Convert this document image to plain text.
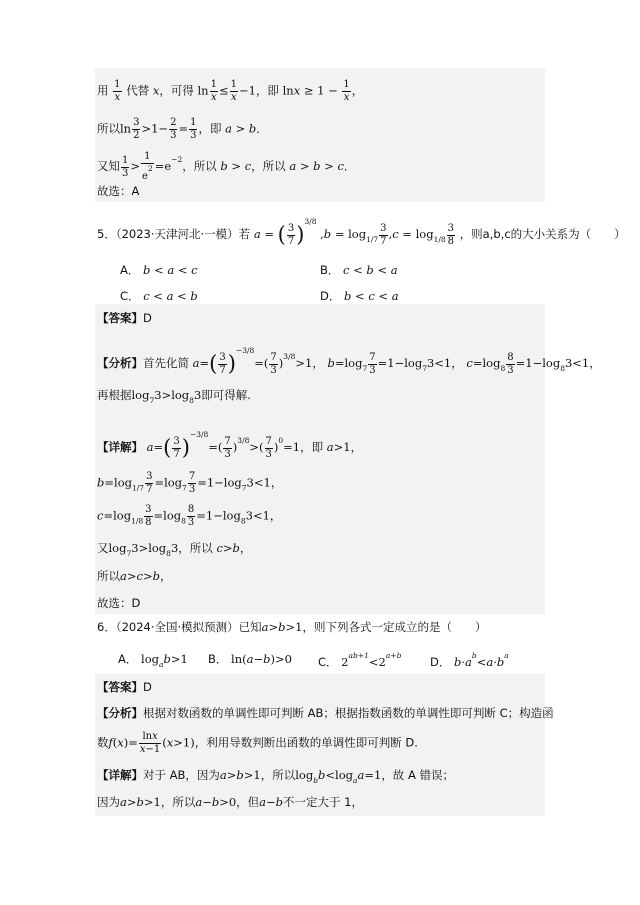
用 $\frac{1}{x}$ 代替 x，可得 $\ln \frac{1}{x} \le \frac{1}{x} -1$，即 $\ln x \ge 1 - \frac{1}{x}$ ，
所以$\ln \frac{3}{2} >1- \frac{2}{3} = \frac{1}{3}$ ，即 a > b．
又知 $\frac{1}{3} > \frac{1}{e^2} =e^{-2}$，所以 b > c，所以 a > b > c．
故选：A
5．（2023·天津河北·一模）若 a = ( $\frac{3}{7} )^{3/8}$ $,b = \log_{1/7} \frac{3}{7} ,c = \log_{1/8} \frac{3}{8}$ ，则a,b,c的大小关系为（　　）
A． b < a < c	B． c < b < a
C． c < a < b	D． b < c < a
【答案】D
【分析】首先化简 $a=( \frac{3}{7} )^{-3/8}=( \frac{7}{3} )^{3/8}>1$， $b=\log_7 \frac{7}{3} =1-\log_73<1$， $c=\log_8 \frac{8}{3} =1-\log_83<1$，
再根据$\log_73>\log_83$即可得解.
【详解】 $a=( \frac{3}{7} )^{-3/8}=( \frac{7}{3} )^{3/8}>( \frac{7}{3} )^0=1$，即 a>1，
$b=\log_{1/7} \frac{3}{7} =\log_7 \frac{7}{3} =1-\log_73<1$，
$c=\log_{1/8} \frac{3}{8} =\log_8 \frac{8}{3} =1-\log_83<1$，
又$\log_73>\log_83$，所以 c>b，
所以a>c>b，
故选：D
6．（2024·全国·模拟预测）已知a>b>1，则下列各式一定成立的是（　　）
A． $\log_ab>1$ B． ln(a−b)>0 C． $2^{ab+1}<2^{a+b}$ D． $b\cdot a^b<a\cdot b^a$
【答案】D
【分析】根据对数函数的单调性即可判断 AB；根据指数函数的单调性即可判断 C；构造函
数$f(x)= \frac{\ln x}{x-1} (x>1)$，利用导数判断出函数的单调性即可判断 D.
【详解】对于 AB，因为a>b>1，所以$\log_bb<\log_aa=1$，故 A 错误；
因为a>b>1，所以a−b>0，但a−b不一定大于 1，
